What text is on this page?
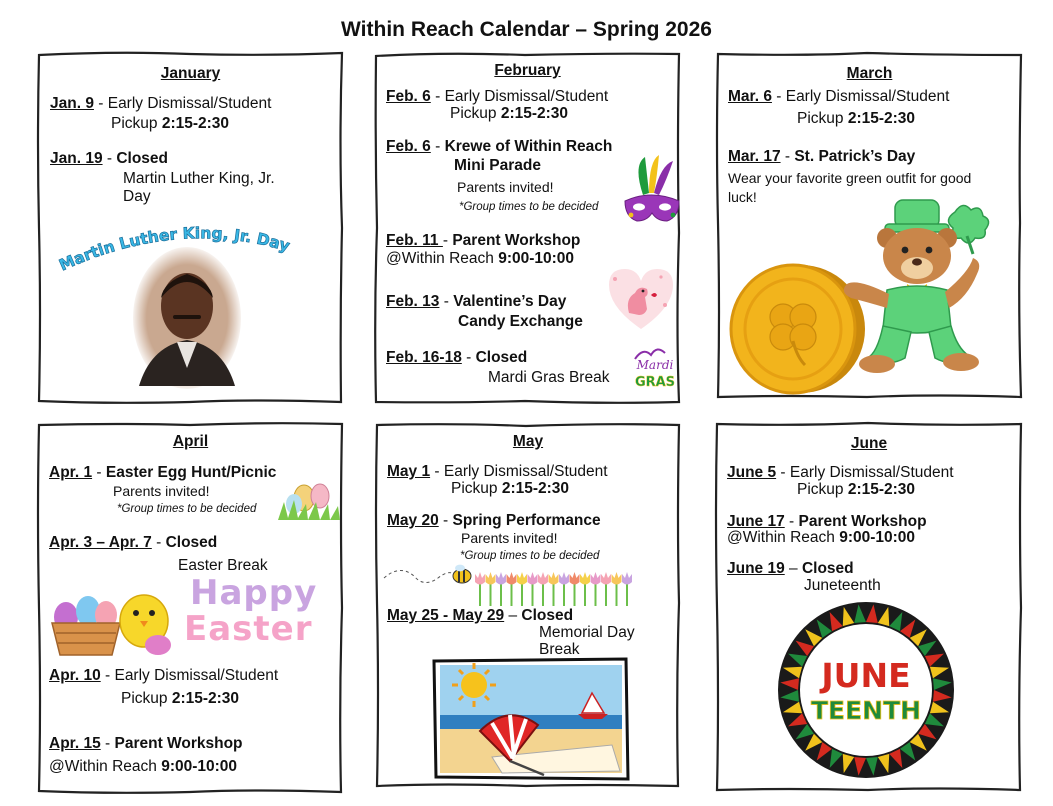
Within Reach Calendar – Spring 2026
January
Jan. 9 - Early Dismissal/Student
Pickup 2:15-2:30
Jan. 19 - Closed
Martin Luther King, Jr.
Day
Martin Luther King, Jr. Day
February
Feb. 6 - Early Dismissal/Student
Pickup 2:15-2:30
Feb. 6 - Krewe of Within Reach
Mini Parade
Parents invited!
*Group times to be decided
Feb. 11 - Parent Workshop
@Within Reach 9:00-10:00
Feb. 13 - Valentine’s Day
Candy Exchange
Feb. 16-18 - Closed
Mardi Gras Break
Mardi
GRAS
March
Mar. 6 - Early Dismissal/Student
Pickup 2:15-2:30
Mar. 17 - St. Patrick’s Day
Wear your favorite green outfit for good
luck!
April
Apr. 1 - Easter Egg Hunt/Picnic
Parents invited!
*Group times to be decided
Apr. 3 – Apr. 7 - Closed
Easter Break
Happy
Easter
Apr. 10 - Early Dismissal/Student
Pickup 2:15-2:30
Apr. 15 - Parent Workshop
@Within Reach 9:00-10:00
May
May 1 - Early Dismissal/Student
Pickup 2:15-2:30
May 20 - Spring Performance
Parents invited!
*Group times to be decided
May 25 - May 29 – Closed
Memorial Day
Break
June
June 5 - Early Dismissal/Student
Pickup 2:15-2:30
June 17 - Parent Workshop
@Within Reach 9:00-10:00
June 19 – Closed
Juneteenth
JUNE
TEENTH
